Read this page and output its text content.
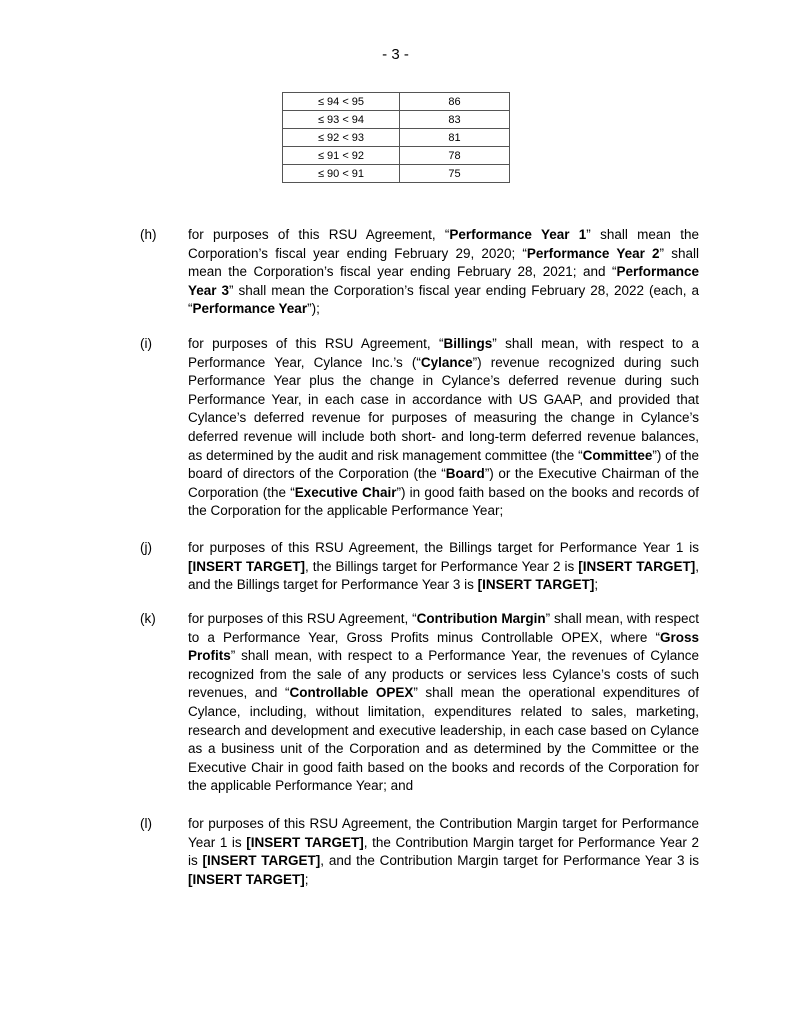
- 3 -
≤ 94 < 95	86
≤ 93 < 94	83
≤ 92 < 93	81
≤ 91 < 92	78
≤ 90 < 91	75
(h) for purposes of this RSU Agreement, “Performance Year 1” shall mean the Corporation’s fiscal year ending February 29, 2020; “Performance Year 2” shall mean the Corporation’s fiscal year ending February 28, 2021; and “Performance Year 3” shall mean the Corporation’s fiscal year ending February 28, 2022 (each, a “Performance Year”);
(i)	for purposes of this RSU Agreement, “Billings” shall mean, with respect to a Performance Year, Cylance Inc.’s (“Cylance”) revenue recognized during such Performance Year plus the change in Cylance’s deferred revenue during such Performance Year, in each case in accordance with US GAAP, and provided that Cylance’s deferred revenue for purposes of measuring the change in Cylance’s deferred revenue will include both short- and long-term deferred revenue balances, as determined by the audit and risk management committee (the “Committee”) of the board of directors of the Corporation (the “Board”) or the Executive Chairman of the Corporation (the “Executive Chair”) in good faith based on the books and records of the Corporation for the applicable Performance Year;
(j)	for purposes of this RSU Agreement, the Billings target for Performance Year 1 is [INSERT TARGET], the Billings target for Performance Year 2 is [INSERT TARGET], and the Billings target for Performance Year 3 is [INSERT TARGET];
(k) for purposes of this RSU Agreement, “Contribution Margin” shall mean, with respect to a Performance Year, Gross Profits minus Controllable OPEX, where “Gross Profits” shall mean, with respect to a Performance Year, the revenues of Cylance recognized from the sale of any products or services less Cylance’s costs of such revenues, and “Controllable OPEX” shall mean the operational expenditures of Cylance, including, without limitation, expenditures related to sales, marketing, research and development and executive leadership, in each case based on Cylance as a business unit of the Corporation and as determined by the Committee or the Executive Chair in good faith based on the books and records of the Corporation for the applicable Performance Year; and
(l)	for purposes of this RSU Agreement, the Contribution Margin target for Performance Year 1 is [INSERT TARGET], the Contribution Margin target for Performance Year 2 is [INSERT TARGET], and the Contribution Margin target for Performance Year 3 is [INSERT TARGET];
